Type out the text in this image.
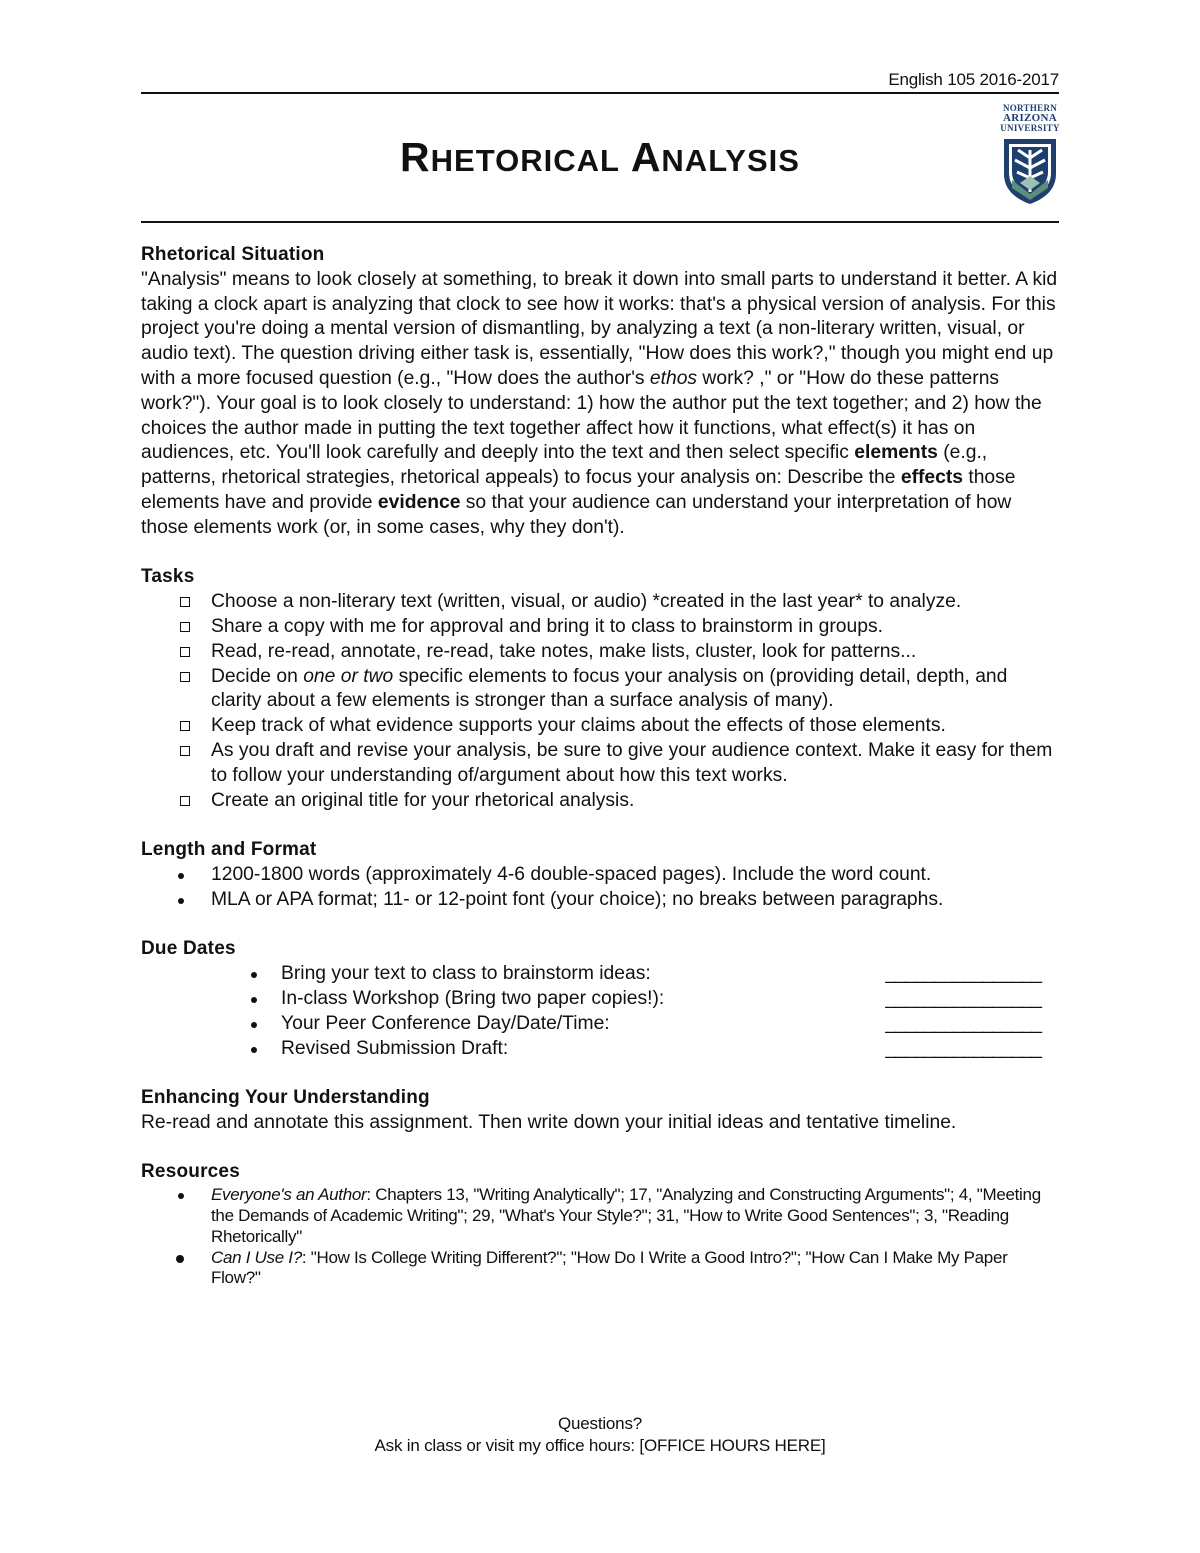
English 105 2016-2017
RHETORICAL ANALYSIS
NORTHERN
ARIZONA
UNIVERSITY
Rhetorical Situation

"Analysis" means to look closely at something, to break it down into small parts to understand it better. A kid taking a clock apart is analyzing that clock to see how it works: that's a physical version of analysis. For this project you're doing a mental version of dismantling, by analyzing a text (a non-literary written, visual, or audio text). The question driving either task is, essentially, "How does this work?," though you might end up with a more focused question (e.g., "How does the author's ethos work? ," or "How do these patterns work?"). Your goal is to look closely to understand: 1) how the author put the text together; and 2) how the choices the author made in putting the text together affect how it functions, what effect(s) it has on audiences, etc. You'll look carefully and deeply into the text and then select specific elements (e.g., patterns, rhetorical strategies, rhetorical appeals) to focus your analysis on: Describe the effects those elements have and provide evidence so that your audience can understand your interpretation of how those elements work (or, in some cases, why they don't).

Tasks
Choose a non-literary text (written, visual, or audio) *created in the last year* to analyze.
Share a copy with me for approval and bring it to class to brainstorm in groups.
Read, re-read, annotate, re-read, take notes, make lists, cluster, look for patterns...
Decide on one or two specific elements to focus your analysis on (providing detail, depth, and clarity about a few elements is stronger than a surface analysis of many).
Keep track of what evidence supports your claims about the effects of those elements.
As you draft and revise your analysis, be sure to give your audience context. Make it easy for them to follow your understanding of/argument about how this text works.
Create an original title for your rhetorical analysis.
Length and Format
1200-1800 words (approximately 4-6 double-spaced pages). Include the word count.
MLA or APA format; 11- or 12-point font (your choice); no breaks between paragraphs.
Due Dates
Bring your text to class to brainstorm ideas:	________________
In-class Workshop (Bring two paper copies!):	________________
Your Peer Conference Day/Date/Time:	________________
Revised Submission Draft:	________________
Enhancing Your Understanding

Re-read and annotate this assignment. Then write down your initial ideas and tentative timeline.

Resources
Everyone's an Author: Chapters 13, "Writing Analytically"; 17, "Analyzing and Constructing Arguments"; 4, "Meeting the Demands of Academic Writing"; 29, "What's Your Style?"; 31, "How to Write Good Sentences"; 3, "Reading Rhetorically"
Can I Use I?: "How Is College Writing Different?"; "How Do I Write a Good Intro?"; "How Can I Make My Paper Flow?"
Questions?
Ask in class or visit my office hours: [OFFICE HOURS HERE]
